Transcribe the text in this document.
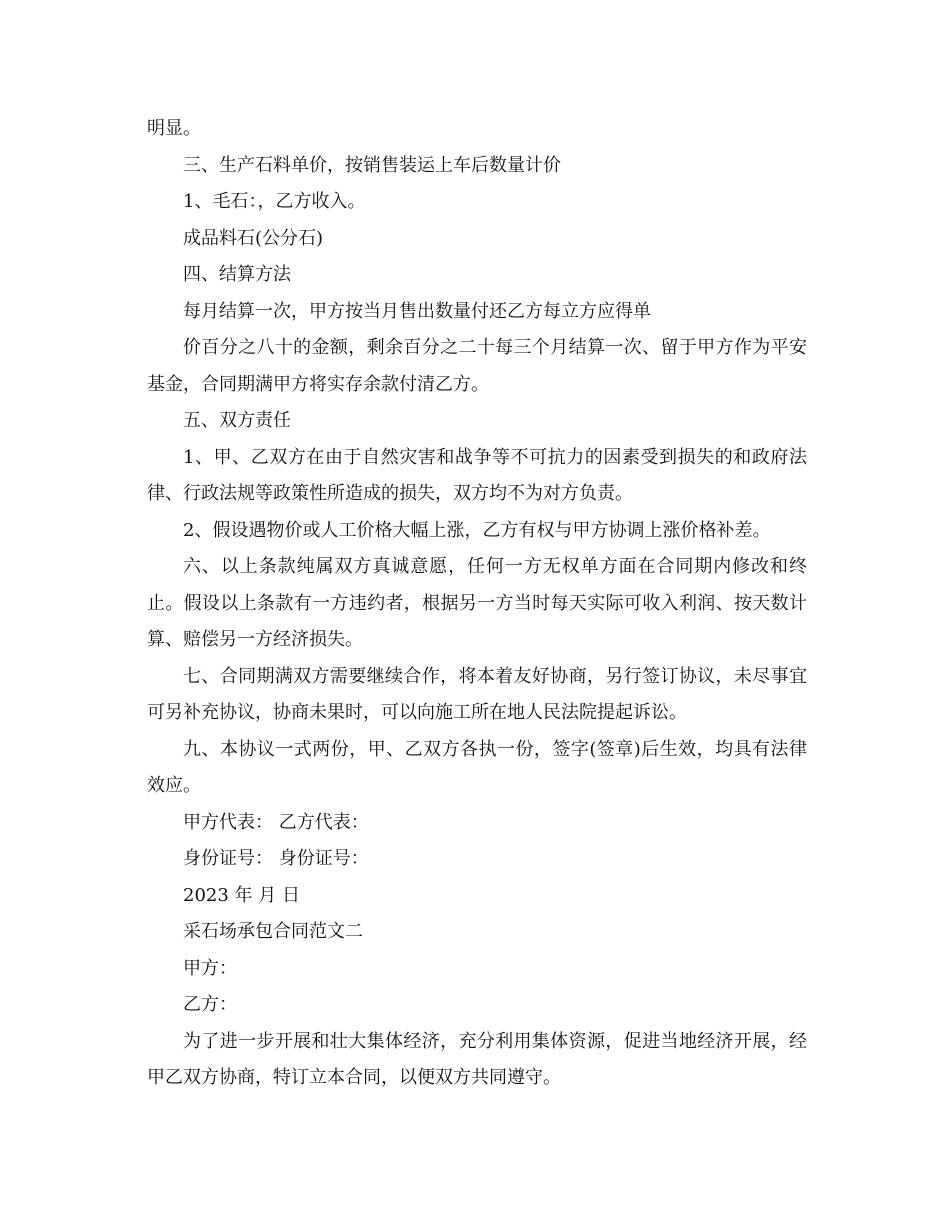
明显。

三、生产石料单价，按销售装运上车后数量计价

1、毛石：，乙方收入。

成品料石(公分石)

四、结算方法

每月结算一次，甲方按当月售出数量付还乙方每立方应得单

价百分之八十的金额，剩余百分之二十每三个月结算一次、留于甲方作为平安基金，合同期满甲方将实存余款付清乙方。

五、双方责任

1、甲、乙双方在由于自然灾害和战争等不可抗力的因素受到损失的和政府法律、行政法规等政策性所造成的损失，双方均不为对方负责。

2、假设遇物价或人工价格大幅上涨，乙方有权与甲方协调上涨价格补差。

六、以上条款纯属双方真诚意愿，任何一方无权单方面在合同期内修改和终止。假设以上条款有一方违约者，根据另一方当时每天实际可收入利润、按天数计算、赔偿另一方经济损失。

七、合同期满双方需要继续合作，将本着友好协商，另行签订协议，未尽事宜可另补充协议，协商未果时，可以向施工所在地人民法院提起诉讼。

九、本协议一式两份，甲、乙双方各执一份，签字(签章)后生效，均具有法律效应。

甲方代表： 乙方代表：

身份证号： 身份证号：

2023 年 月 日

采石场承包合同范文二

甲方：

乙方：

为了进一步开展和壮大集体经济，充分利用集体资源，促进当地经济开展，经甲乙双方协商，特订立本合同，以便双方共同遵守。
